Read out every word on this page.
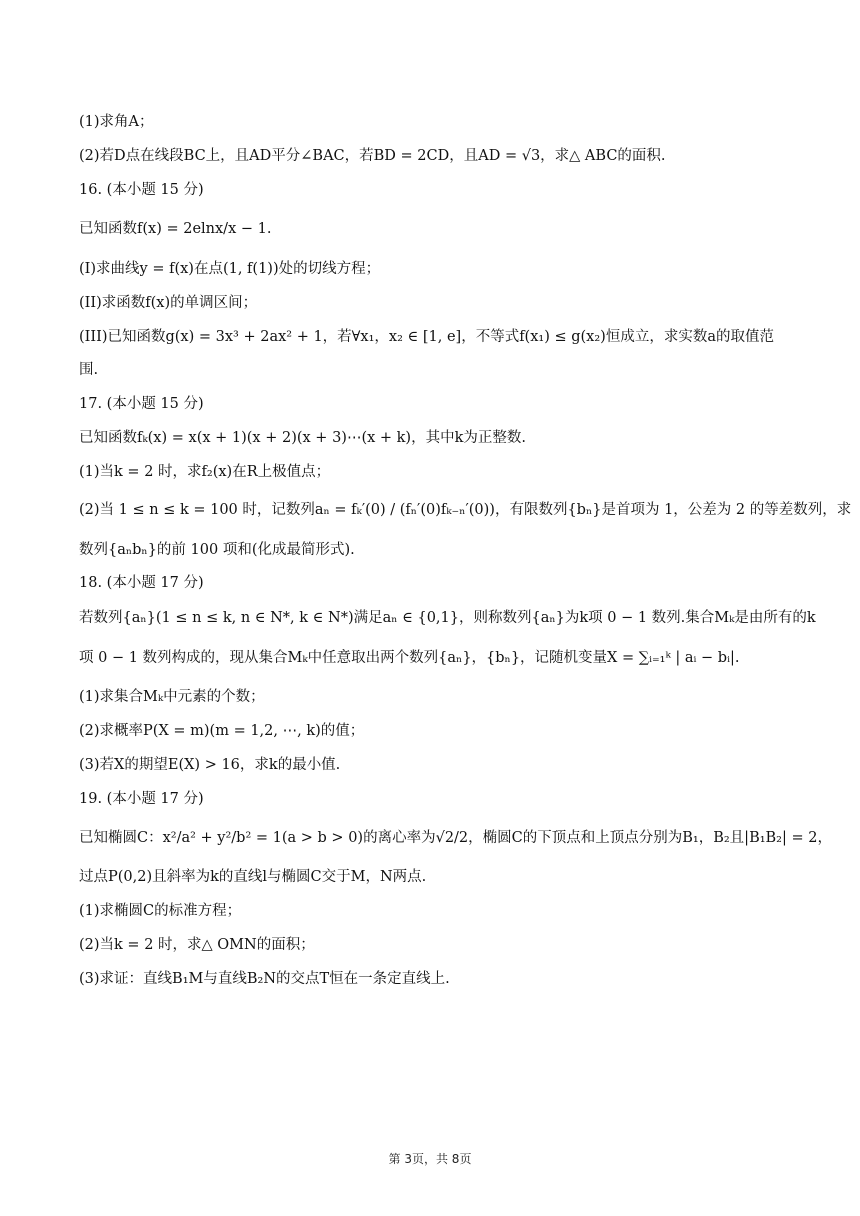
(1)求角A；
(2)若D点在线段BC上，且AD平分∠BAC，若BD = 2CD，且AD = √3，求△ ABC的面积.
16. (本小题 15 分)
已知函数f(x) = 2elnx/x − 1.
(I)求曲线y = f(x)在点(1, f(1))处的切线方程；
(II)求函数f(x)的单调区间；
(III)已知函数g(x) = 3x³ + 2ax² + 1，若∀x₁，x₂ ∈ [1, e]，不等式f(x₁) ≤ g(x₂)恒成立，求实数a的取值范
围.
17. (本小题 15 分)
已知函数fₖ(x) = x(x + 1)(x + 2)(x + 3)⋯(x + k)，其中k为正整数.
(1)当k = 2 时，求f₂(x)在R上极值点；
(2)当 1 ≤ n ≤ k = 100 时，记数列aₙ = fₖ′(0) / (fₙ′(0)fₖ₋ₙ′(0))，有限数列{bₙ}是首项为 1，公差为 2 的等差数列，求
数列{aₙbₙ}的前 100 项和(化成最简形式).
18. (本小题 17 分)
若数列{aₙ}(1 ≤ n ≤ k, n ∈ N*, k ∈ N*)满足aₙ ∈ {0,1}，则称数列{aₙ}为k项 0 − 1 数列.集合Mₖ是由所有的k
项 0 − 1 数列构成的，现从集合Mₖ中任意取出两个数列{aₙ}，{bₙ}，记随机变量X = ∑ᵢ₌₁ᵏ | aᵢ − bᵢ|.
(1)求集合Mₖ中元素的个数；
(2)求概率P(X = m)(m = 1,2, ⋯, k)的值；
(3)若X的期望E(X) > 16，求k的最小值.
19. (本小题 17 分)
已知椭圆C：x²/a² + y²/b² = 1(a > b > 0)的离心率为√2/2，椭圆C的下顶点和上顶点分别为B₁，B₂且|B₁B₂| = 2，
过点P(0,2)且斜率为k的直线l与椭圆C交于M，N两点.
(1)求椭圆C的标准方程；
(2)当k = 2 时，求△ OMN的面积；
(3)求证：直线B₁M与直线B₂N的交点T恒在一条定直线上.
第 3页，共 8页
